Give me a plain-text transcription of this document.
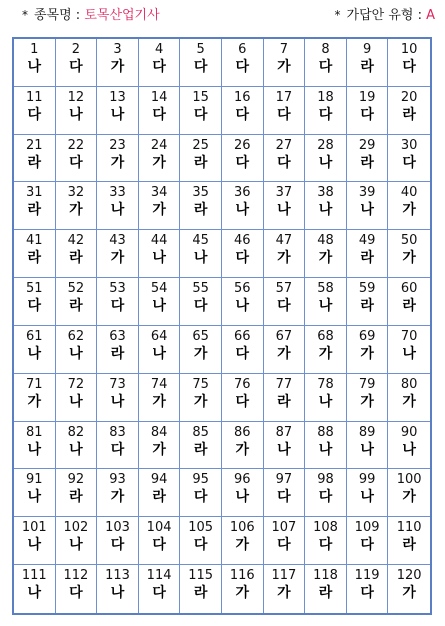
* 종목명 : 토목산업기사	* 가답안 유형 : A
1
나
2
다
3
가
4
다
5
다
6
다
7
가
8
다
9
라
10
다
11
다
12
나
13
나
14
다
15
다
16
다
17
다
18
다
19
다
20
라
21
라
22
다
23
가
24
가
25
라
26
다
27
다
28
나
29
라
30
다
31
라
32
가
33
나
34
가
35
라
36
나
37
나
38
나
39
나
40
가
41
라
42
라
43
가
44
나
45
나
46
다
47
가
48
가
49
라
50
가
51
다
52
라
53
다
54
나
55
다
56
나
57
다
58
나
59
라
60
라
61
나
62
나
63
라
64
나
65
가
66
다
67
가
68
가
69
가
70
나
71
가
72
나
73
나
74
가
75
가
76
다
77
라
78
나
79
가
80
가
81
나
82
나
83
다
84
가
85
라
86
가
87
나
88
나
89
나
90
나
91
나
92
라
93
가
94
라
95
다
96
나
97
다
98
다
99
나
100
가
101
나
102
나
103
다
104
다
105
다
106
가
107
다
108
다
109
다
110
라
111
나
112
다
113
나
114
다
115
라
116
가
117
가
118
라
119
다
120
가
